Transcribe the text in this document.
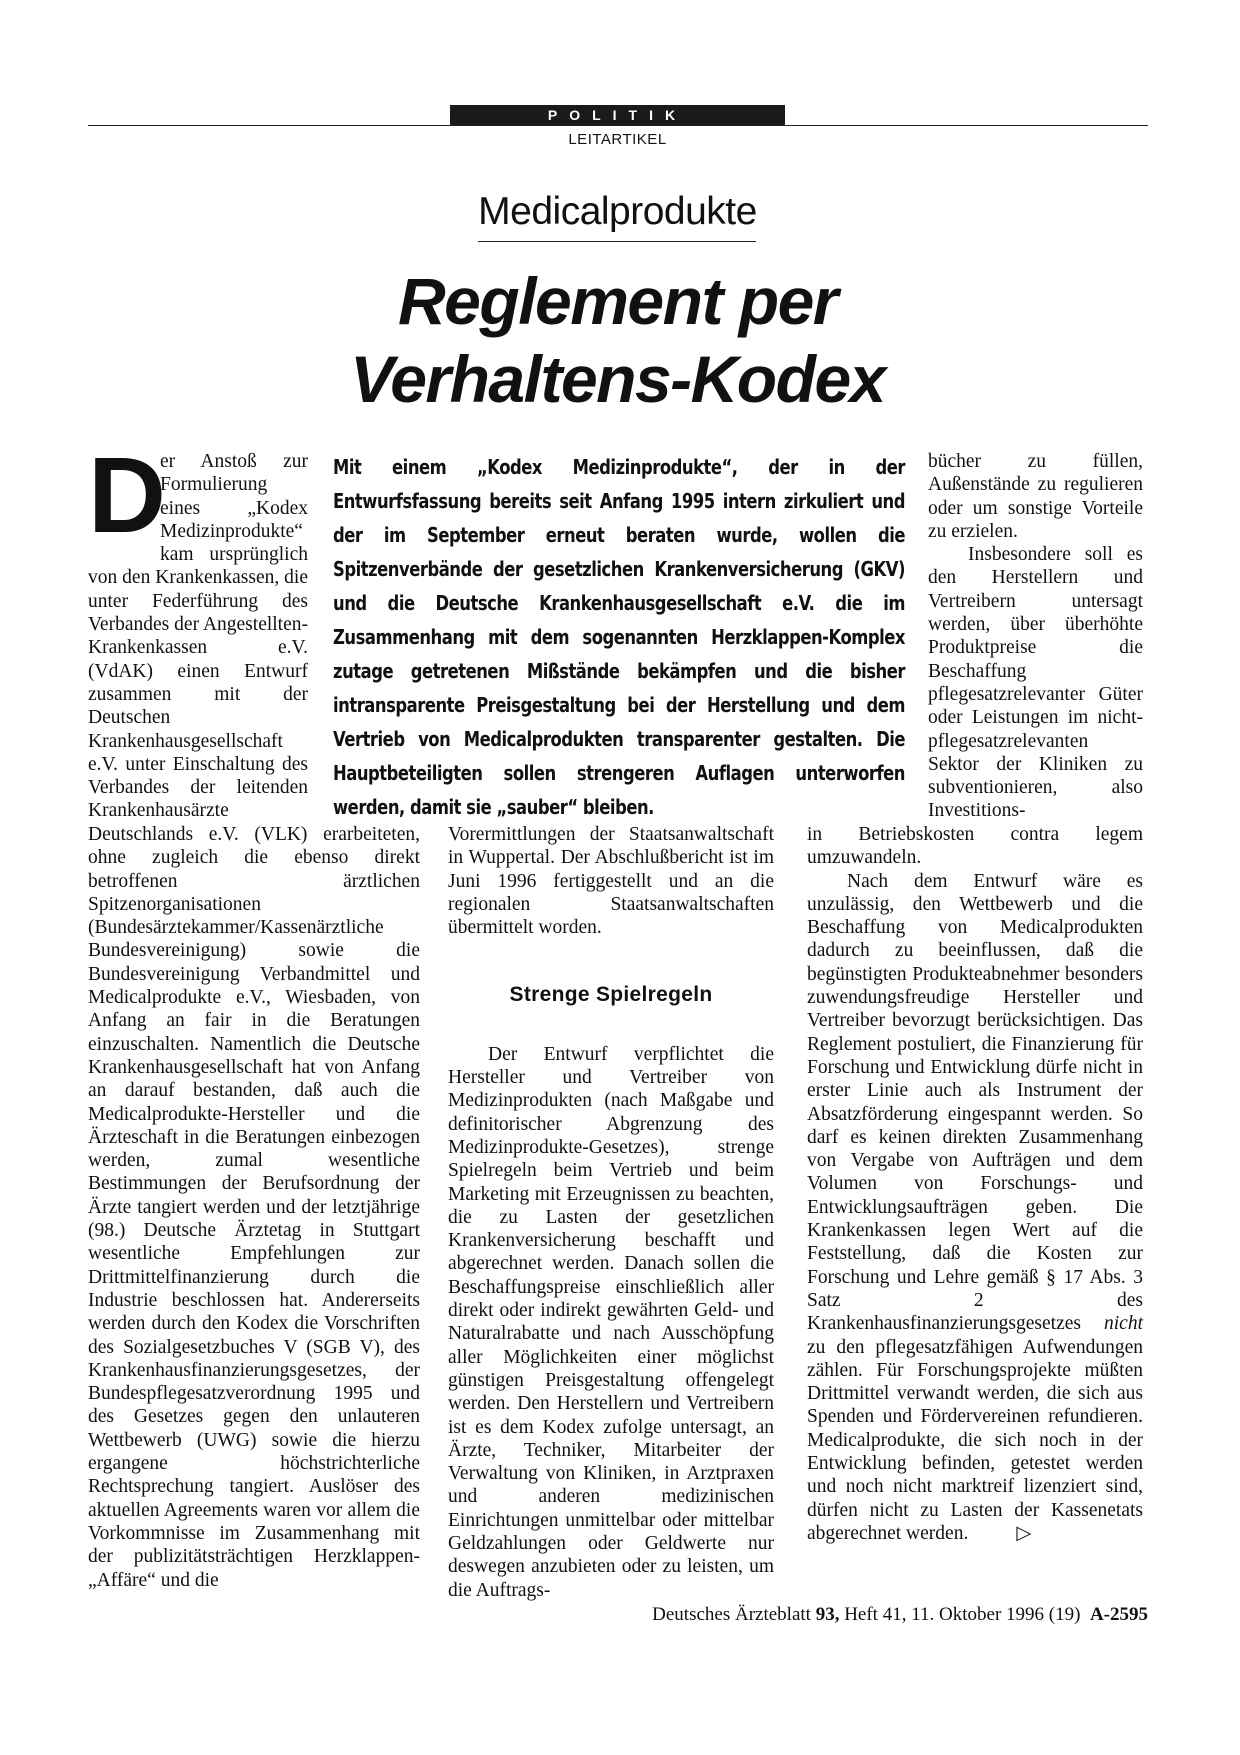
POLITIK
LEITARTIKEL
Medicalprodukte
Reglement per
Verhaltens-Kodex
D

er Anstoß zur Formulierung eines „Kodex Medizinprodukte“ kam ursprünglich von den Krankenkassen, die unter Federführung des Verbandes der Angestellten-Krankenkassen e.V. (VdAK) einen Entwurf zusammen mit der Deutschen Krankenhausgesellschaft e.V. unter Einschaltung des Verbandes der leitenden Krankenhausärzte

Mit einem „Kodex Medizinprodukte“, der in der Entwurfsfassung bereits seit Anfang 1995 intern zirkuliert und der im September erneut beraten wurde, wollen die Spitzenverbände der gesetzlichen Krankenversicherung (GKV) und die Deutsche Krankenhausgesellschaft e.V. die im Zusammenhang mit dem sogenannten Herzklappen-Komplex zutage getretenen Mißstände bekämpfen und die bisher intransparente Preisgestaltung bei der Herstellung und dem Vertrieb von Medicalprodukten transparenter gestalten. Die Hauptbeteiligten sollen strengeren Auflagen unterworfen werden, damit sie „sauber“ bleiben.

bücher zu füllen, Außenstände zu regulieren oder um sonstige Vorteile zu erzielen.

Insbesondere soll es den Herstellern und Vertreibern untersagt werden, über überhöhte Produktpreise die Beschaffung pflegesatzrelevanter Güter oder Leistungen im nicht-pflegesatzrelevanten Sektor der Kliniken zu subventionieren, also Investitions-

Deutschlands e.V. (VLK) erarbeiteten, ohne zugleich die ebenso direkt betroffenen ärztlichen Spitzenorganisationen (Bundesärztekammer/Kassenärztliche Bundesvereinigung) sowie die Bundesvereinigung Verbandmittel und Medicalprodukte e.V., Wiesbaden, von Anfang an fair in die Beratungen einzuschalten. Namentlich die Deutsche Krankenhausgesellschaft hat von Anfang an darauf bestanden, daß auch die Medicalprodukte-Hersteller und die Ärzteschaft in die Beratungen einbezogen werden, zumal wesentliche Bestimmungen der Berufsordnung der Ärzte tangiert werden und der letztjährige (98.) Deutsche Ärztetag in Stuttgart wesentliche Empfehlungen zur Drittmittelfinanzierung durch die Industrie beschlossen hat. Andererseits werden durch den Kodex die Vorschriften des Sozialgesetzbuches V (SGB V), des Krankenhausfinanzierungsgesetzes, der Bundespflegesatzverordnung 1995 und des Gesetzes gegen den unlauteren Wettbewerb (UWG) sowie die hierzu ergangene höchstrichterliche Rechtsprechung tangiert. Auslöser des aktuellen Agreements waren vor allem die Vorkommnisse im Zusammenhang mit der publizitätsträchtigen Herzklappen-„Affäre“ und die

Vorermittlungen der Staatsanwaltschaft in Wuppertal. Der Abschlußbericht ist im Juni 1996 fertiggestellt und an die regionalen Staatsanwaltschaften übermittelt worden.

Strenge Spielregeln

Der Entwurf verpflichtet die Hersteller und Vertreiber von Medizinprodukten (nach Maßgabe und definitorischer Abgrenzung des Medizinprodukte-Gesetzes), strenge Spielregeln beim Vertrieb und beim Marketing mit Erzeugnissen zu beachten, die zu Lasten der gesetzlichen Krankenversicherung beschafft und abgerechnet werden. Danach sollen die Beschaffungspreise einschließlich aller direkt oder indirekt gewährten Geld- und Naturalrabatte und nach Ausschöpfung aller Möglichkeiten einer möglichst günstigen Preisgestaltung offengelegt werden. Den Herstellern und Vertreibern ist es dem Kodex zufolge untersagt, an Ärzte, Techniker, Mitarbeiter der Verwaltung von Kliniken, in Arztpraxen und anderen medizinischen Einrichtungen unmittelbar oder mittelbar Geldzahlungen oder Geldwerte nur deswegen anzubieten oder zu leisten, um die Auftrags-

in Betriebskosten contra legem umzuwandeln.

Nach dem Entwurf wäre es unzulässig, den Wettbewerb und die Beschaffung von Medicalprodukten dadurch zu beeinflussen, daß die begünstigten Produkteabnehmer besonders zuwendungsfreudige Hersteller und Vertreiber bevorzugt berücksichtigen. Das Reglement postuliert, die Finanzierung für Forschung und Entwicklung dürfe nicht in erster Linie auch als Instrument der Absatzförderung eingespannt werden. So darf es keinen direkten Zusammenhang von Vergabe von Aufträgen und dem Volumen von Forschungs- und Entwicklungsaufträgen geben. Die Krankenkassen legen Wert auf die Feststellung, daß die Kosten zur Forschung und Lehre gemäß § 17 Abs. 3 Satz 2 des Krankenhausfinanzierungsgesetzes nicht zu den pflegesatzfähigen Aufwendungen zählen. Für Forschungsprojekte müßten Drittmittel verwandt werden, die sich aus Spenden und Fördervereinen refundieren. Medicalprodukte, die sich noch in der Entwicklung befinden, getestet werden und noch nicht marktreif lizenziert sind, dürfen nicht zu Lasten der Kassenetats abgerechnet werden. ▷

Deutsches Ärzteblatt 93, Heft 41, 11. Oktober 1996 (19) A-2595
